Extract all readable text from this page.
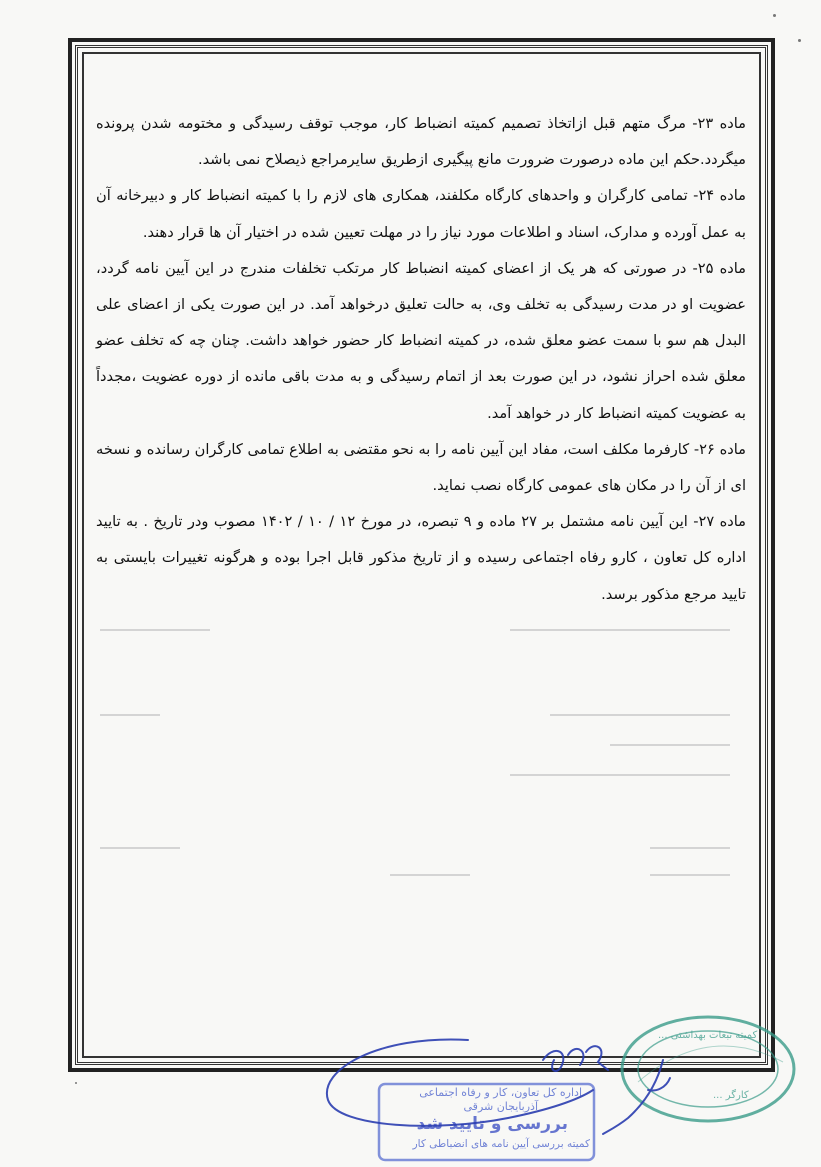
ماده ۲۳- مرگ متهم قبل ازاتخاذ تصمیم کمیته انضباط کار، موجب توقف رسیدگی و مختومه شدن پرونده میگردد.حکم این ماده درصورت ضرورت مانع پیگیری ازطریق سایرمراجع ذیصلاح نمی باشد.

ماده ۲۴- تمامی کارگران و واحدهای کارگاه مکلفند، همکاری های لازم را با کمیته انضباط کار و دبیرخانه آن به عمل آورده و مدارک، اسناد و اطلاعات مورد نیاز را در مهلت تعیین شده در اختیار آن ها قرار دهند.

ماده ۲۵- در صورتی که هر یک از اعضای کمیته انضباط کار مرتکب تخلفات مندرج در این آیین نامه گردد، عضویت او در مدت رسیدگی به تخلف وی، به حالت تعلیق درخواهد آمد. در این صورت یکی از اعضای علی البدل هم سو با سمت عضو معلق شده، در کمیته انضباط کار حضور خواهد داشت. چنان چه که تخلف عضو معلق شده احراز نشود، در این صورت بعد از اتمام رسیدگی و به مدت باقی مانده از دوره عضویت ،مجدداً به عضویت کمیته انضباط کار در خواهد آمد.

ماده ۲۶- کارفرما مکلف است، مفاد این آیین نامه را به نحو مقتضی به اطلاع تمامی کارگران رسانده و نسخه ای از آن را در مکان های عمومی کارگاه نصب نماید.

ماده ۲۷- این آیین نامه مشتمل بر ۲۷ ماده و ۹ تبصره، در مورخ ۱۲ / ۱۰ / ۱۴۰۲ مصوب ودر تاریخ . به تایید اداره کل تعاون ، کارو رفاه اجتماعی رسیده و از تاریخ مذکور قابل اجرا بوده و هرگونه تغییرات بایستی به تایید مرجع مذکور برسد.

کمیته تبعات بهداشتی ...
کارگر ...
اداره کل تعاون، کار و رفاه اجتماعی
آذربایجان شرقی
بررسی و تایید شد
کمیته بررسی آیین نامه های انضباطی کار
